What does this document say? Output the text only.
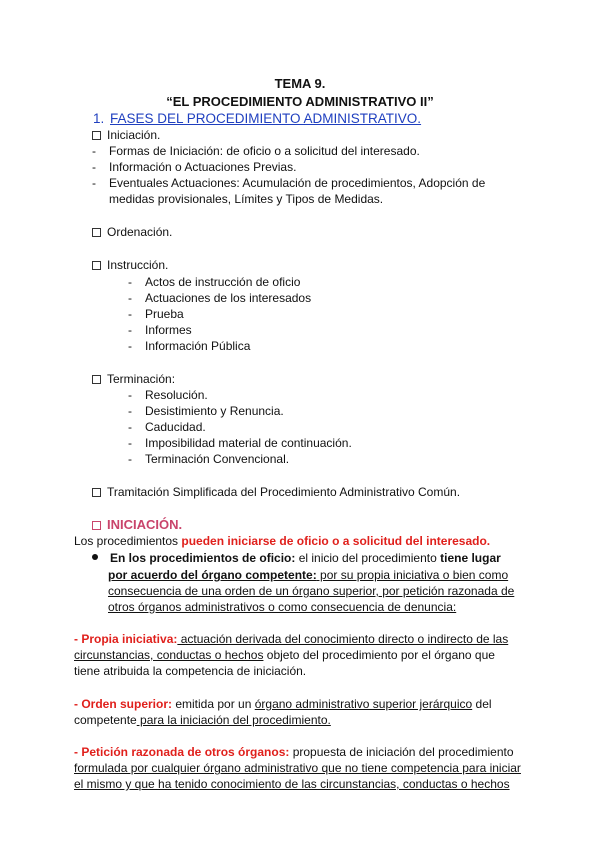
TEMA 9.
“EL PROCEDIMIENTO ADMINISTRATIVO II”
1. FASES DEL PROCEDIMIENTO ADMINISTRATIVO.
Iniciación.
- Formas de Iniciación: de oficio o a solicitud del interesado.
- Información o Actuaciones Previas.
- Eventuales Actuaciones: Acumulación de procedimientos, Adopción de
medidas provisionales, Límites y Tipos de Medidas.
Ordenación.
Instrucción.
- Actos de instrucción de oficio
- Actuaciones de los interesados
- Prueba
- Informes
- Información Pública
Terminación:
- Resolución.
- Desistimiento y Renuncia.
- Caducidad.
- Imposibilidad material de continuación.
- Terminación Convencional.
Tramitación Simplificada del Procedimiento Administrativo Común.
INICIACIÓN.
Los procedimientos pueden iniciarse de oficio o a solicitud del interesado.
En los procedimientos de oficio: el inicio del procedimiento tiene lugar
por acuerdo del órgano competente: por su propia iniciativa o bien como
consecuencia de una orden de un órgano superior, por petición razonada de
otros órganos administrativos o como consecuencia de denuncia:
- Propia iniciativa: actuación derivada del conocimiento directo o indirecto de las
circunstancias, conductas o hechos objeto del procedimiento por el órgano que
tiene atribuida la competencia de iniciación.
- Orden superior: emitida por un órgano administrativo superior jerárquico del
competente para la iniciación del procedimiento.
- Petición razonada de otros órganos: propuesta de iniciación del procedimiento
formulada por cualquier órgano administrativo que no tiene competencia para iniciar
el mismo y que ha tenido conocimiento de las circunstancias, conductas o hechos
